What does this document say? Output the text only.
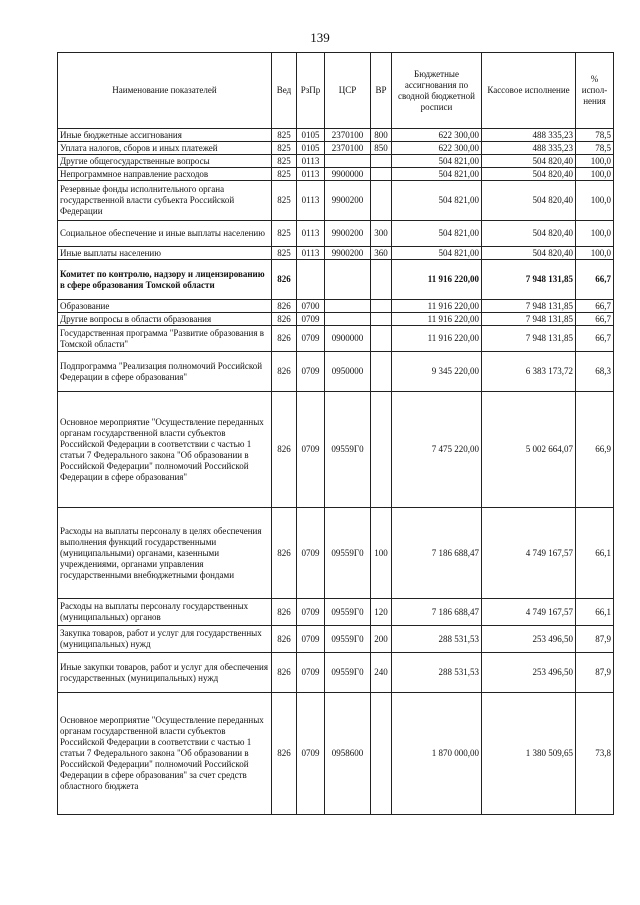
139
Наименование показателей	Вед	РзПр	ЦСР	ВР	Бюджетные ассигнования по сводной бюджетной росписи	Кассовое исполнение	% испол-нения
Иные бюджетные ассигнования	825	0105	2370100	800	622 300,00	488 335,23	78,5
Уплата налогов, сборов и иных платежей	825	0105	2370100	850	622 300,00	488 335,23	78,5
Другие общегосударственные вопросы	825	0113			504 821,00	504 820,40	100,0
Непрограммное направление расходов	825	0113	9900000		504 821,00	504 820,40	100,0
Резервные фонды исполнительного органа государственной власти субъекта Российской Федерации	825	0113	9900200		504 821,00	504 820,40	100,0
Социальное обеспечение и иные выплаты населению	825	0113	9900200	300	504 821,00	504 820,40	100,0
Иные выплаты населению	825	0113	9900200	360	504 821,00	504 820,40	100,0
Комитет по контролю, надзору и лицензированию в сфере образования Томской области	826				11 916 220,00	7 948 131,85	66,7
Образование	826	0700			11 916 220,00	7 948 131,85	66,7
Другие вопросы в области образования	826	0709			11 916 220,00	7 948 131,85	66,7
Государственная программа "Развитие образования в Томской области"	826	0709	0900000		11 916 220,00	7 948 131,85	66,7
Подпрограмма "Реализация полномочий Российской Федерации в сфере образования"	826	0709	0950000		9 345 220,00	6 383 173,72	68,3
Основное мероприятие "Осуществление переданных органам государственной власти субъектов Российской Федерации в соответствии с частью 1 статьи 7 Федерального закона "Об образовании в Российской Федерации" полномочий Российской Федерации в сфере образования"	826	0709	09559Г0		7 475 220,00	5 002 664,07	66,9
Расходы на выплаты персоналу в целях обеспечения выполнения функций государственными (муниципальными) органами, казенными учреждениями, органами управления государственными внебюджетными фондами	826	0709	09559Г0	100	7 186 688,47	4 749 167,57	66,1
Расходы на выплаты персоналу государственных (муниципальных) органов	826	0709	09559Г0	120	7 186 688,47	4 749 167,57	66,1
Закупка товаров, работ и услуг для государственных (муниципальных) нужд	826	0709	09559Г0	200	288 531,53	253 496,50	87,9
Иные закупки товаров, работ и услуг для обеспечения государственных (муниципальных) нужд	826	0709	09559Г0	240	288 531,53	253 496,50	87,9
Основное мероприятие "Осуществление переданных органам государственной власти субъектов Российской Федерации в соответствии с частью 1 статьи 7 Федерального закона "Об образовании в Российской Федерации" полномочий Российской Федерации в сфере образования" за счет средств областного бюджета	826	0709	0958600		1 870 000,00	1 380 509,65	73,8
